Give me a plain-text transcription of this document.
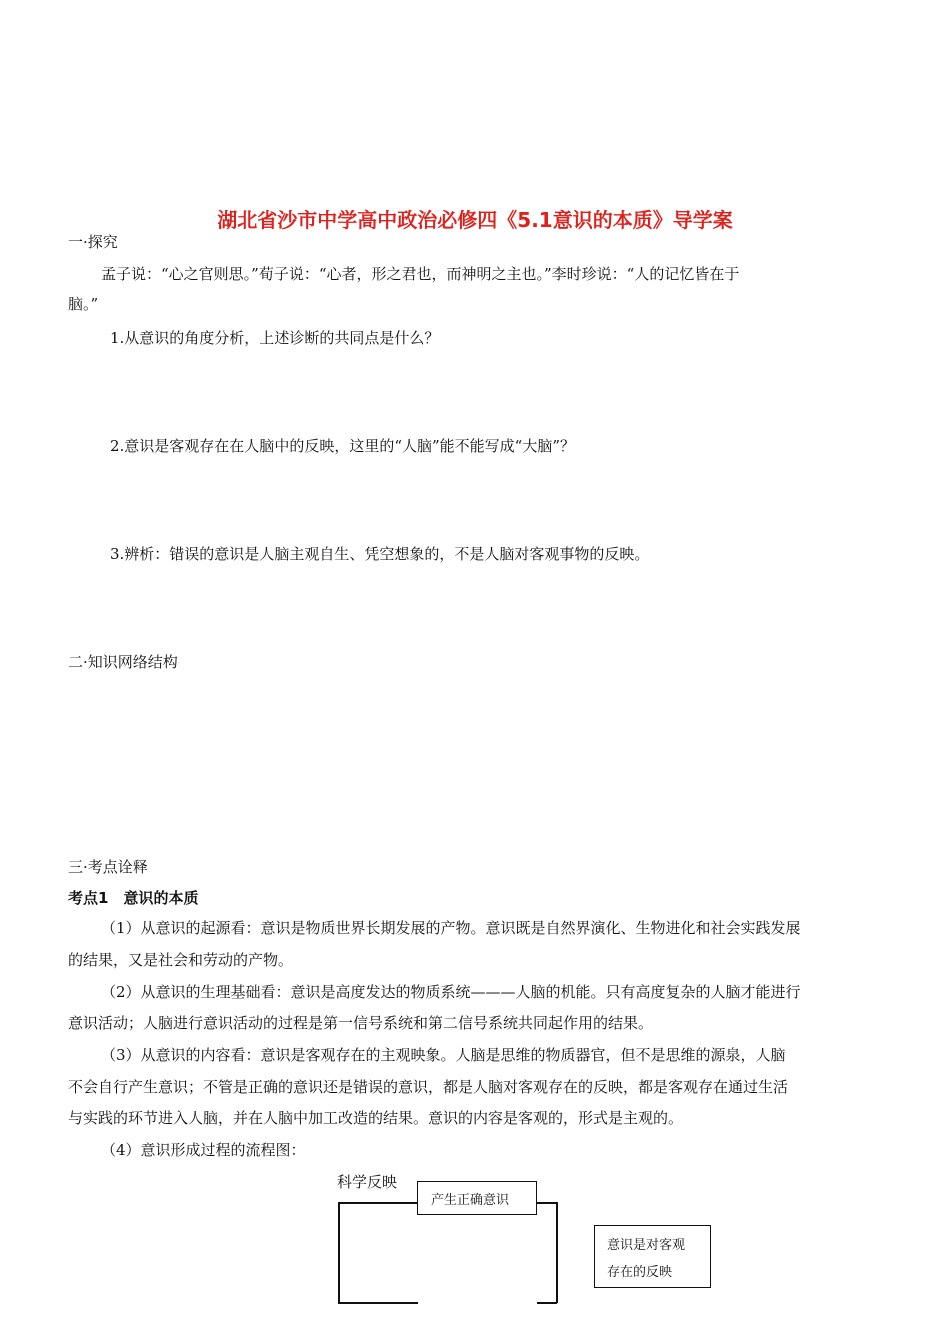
湖北省沙市中学高中政治必修四《5.1意识的本质》导学案
一·探究
孟子说：“心之官则思。”荀子说：“心者，形之君也，而神明之主也。”李时珍说：“人的记忆皆在于
脑。”
1.从意识的角度分析，上述诊断的共同点是什么？
2.意识是客观存在在人脑中的反映，这里的“人脑”能不能写成“大脑”？
3.辨析：错误的意识是人脑主观自生、凭空想象的，不是人脑对客观事物的反映。
二·知识网络结构
三·考点诠释
考点1　意识的本质
（1）从意识的起源看：意识是物质世界长期发展的产物。意识既是自然界演化、生物进化和社会实践发展
的结果，又是社会和劳动的产物。
（2）从意识的生理基础看：意识是高度发达的物质系统———人脑的机能。只有高度复杂的人脑才能进行
意识活动；人脑进行意识活动的过程是第一信号系统和第二信号系统共同起作用的结果。
（3）从意识的内容看：意识是客观存在的主观映象。人脑是思维的物质器官，但不是思维的源泉，人脑
不会自行产生意识；不管是正确的意识还是错误的意识，都是人脑对客观存在的反映，都是客观存在通过生活
与实践的环节进入人脑，并在人脑中加工改造的结果。意识的内容是客观的，形式是主观的。
（4）意识形成过程的流程图：
科学反映
产生正确意识
意识是对客观
存在的反映
